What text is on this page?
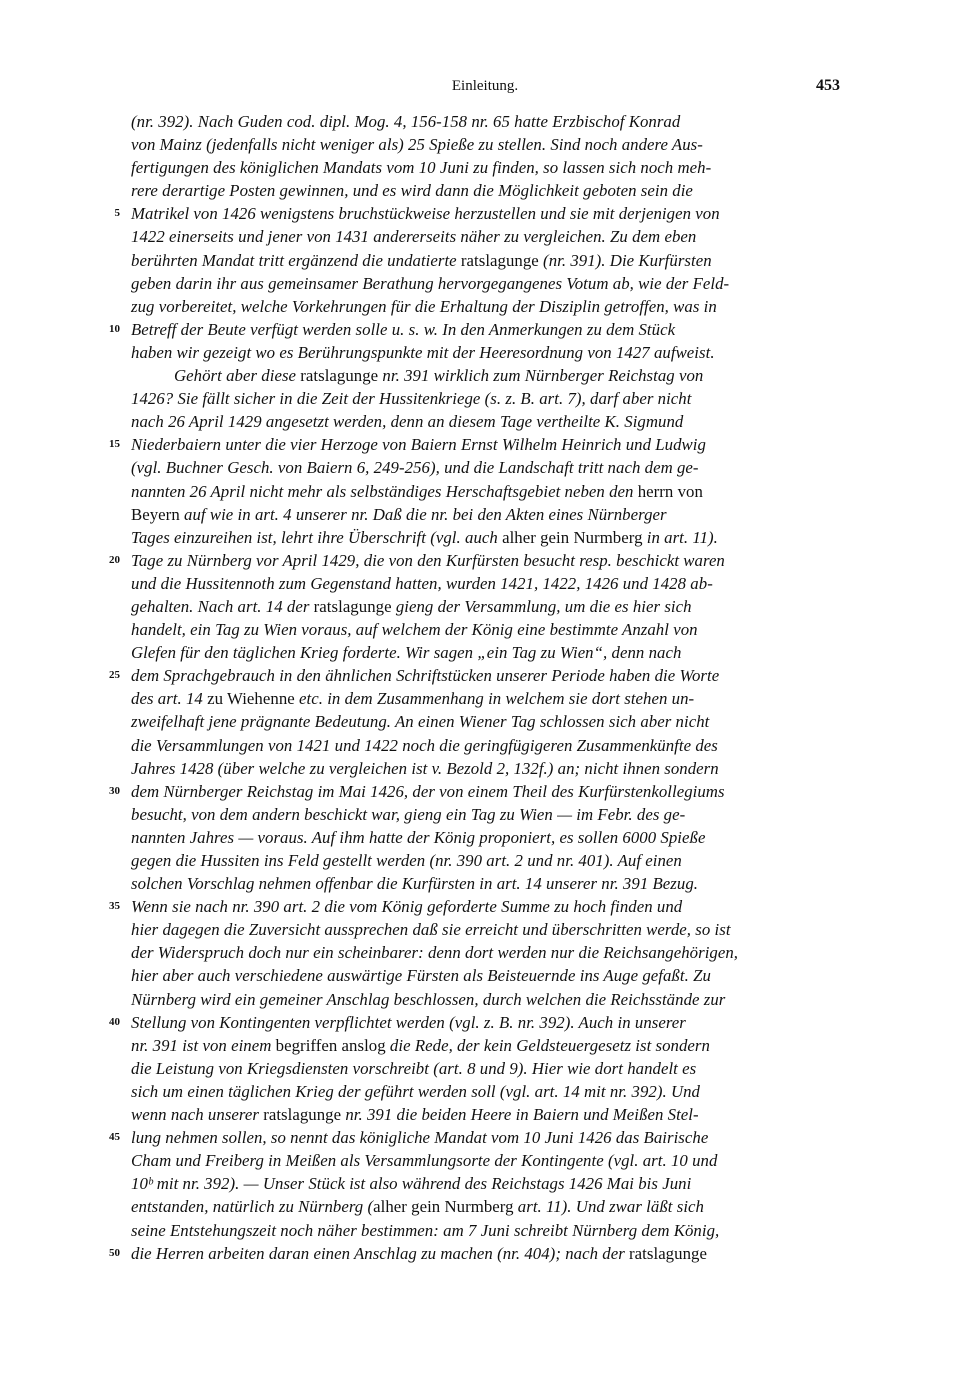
Einleitung.	453
(nr. 392). Nach Guden cod. dipl. Mog. 4, 156-158 nr. 65 hatte Erzbischof Konrad
von Mainz (jedenfalls nicht weniger als) 25 Spieße zu stellen. Sind noch andere Aus-
fertigungen des königlichen Mandats vom 10 Juni zu finden, so lassen sich noch meh-
rere derartige Posten gewinnen, und es wird dann die Möglichkeit geboten sein die
5 Matrikel von 1426 wenigstens bruchstückweise herzustellen und sie mit derjenigen von
1422 einerseits und jener von 1431 andererseits näher zu vergleichen. Zu dem eben
berührten Mandat tritt ergänzend die undatierte ratslagunge (nr. 391). Die Kurfürsten
geben darin ihr aus gemeinsamer Berathung hervorgegangenes Votum ab, wie der Feld-
zug vorbereitet, welche Vorkehrungen für die Erhaltung der Disziplin getroffen, was in
10 Betreff der Beute verfügt werden solle u. s. w. In den Anmerkungen zu dem Stück
haben wir gezeigt wo es Berührungspunkte mit der Heeresordnung von 1427 aufweist.
Gehört aber diese ratslagunge nr. 391 wirklich zum Nürnberger Reichstag von
1426? Sie fällt sicher in die Zeit der Hussitenkriege (s. z. B. art. 7), darf aber nicht
nach 26 April 1429 angesetzt werden, denn an diesem Tage vertheilte K. Sigmund
15 Niederbaiern unter die vier Herzoge von Baiern Ernst Wilhelm Heinrich und Ludwig
(vgl. Buchner Gesch. von Baiern 6, 249-256), und die Landschaft tritt nach dem ge-
nannten 26 April nicht mehr als selbständiges Herschaftsgebiet neben den herrn von
Beyern auf wie in art. 4 unserer nr. Daß die nr. bei den Akten eines Nürnberger
Tages einzureihen ist, lehrt ihre Überschrift (vgl. auch alher gein Nurmberg in art. 11).
20 Tage zu Nürnberg vor April 1429, die von den Kurfürsten besucht resp. beschickt waren
und die Hussitennoth zum Gegenstand hatten, wurden 1421, 1422, 1426 und 1428 ab-
gehalten. Nach art. 14 der ratslagunge gieng der Versammlung, um die es hier sich
handelt, ein Tag zu Wien voraus, auf welchem der König eine bestimmte Anzahl von
Glefen für den täglichen Krieg forderte. Wir sagen „ein Tag zu Wien“, denn nach
25 dem Sprachgebrauch in den ähnlichen Schriftstücken unserer Periode haben die Worte
des art. 14 zu Wiehenne etc. in dem Zusammenhang in welchem sie dort stehen un-
zweifelhaft jene prägnante Bedeutung. An einen Wiener Tag schlossen sich aber nicht
die Versammlungen von 1421 und 1422 noch die geringfügigeren Zusammenkünfte des
Jahres 1428 (über welche zu vergleichen ist v. Bezold 2, 132f.) an; nicht ihnen sondern
30 dem Nürnberger Reichstag im Mai 1426, der von einem Theil des Kurfürstenkollegiums
besucht, von dem andern beschickt war, gieng ein Tag zu Wien — im Febr. des ge-
nannten Jahres — voraus. Auf ihm hatte der König proponiert, es sollen 6000 Spieße
gegen die Hussiten ins Feld gestellt werden (nr. 390 art. 2 und nr. 401). Auf einen
solchen Vorschlag nehmen offenbar die Kurfürsten in art. 14 unserer nr. 391 Bezug.
35 Wenn sie nach nr. 390 art. 2 die vom König geforderte Summe zu hoch finden und
hier dagegen die Zuversicht aussprechen daß sie erreicht und überschritten werde, so ist
der Widerspruch doch nur ein scheinbarer: denn dort werden nur die Reichsangehörigen,
hier aber auch verschiedene auswärtige Fürsten als Beisteuernde ins Auge gefaßt. Zu
Nürnberg wird ein gemeiner Anschlag beschlossen, durch welchen die Reichsstände zur
40 Stellung von Kontingenten verpflichtet werden (vgl. z. B. nr. 392). Auch in unserer
nr. 391 ist von einem begriffen anslog die Rede, der kein Geldsteuergesetz ist sondern
die Leistung von Kriegsdiensten vorschreibt (art. 8 und 9). Hier wie dort handelt es
sich um einen täglichen Krieg der geführt werden soll (vgl. art. 14 mit nr. 392). Und
wenn nach unserer ratslagunge nr. 391 die beiden Heere in Baiern und Meißen Stel-
45 lung nehmen sollen, so nennt das königliche Mandat vom 10 Juni 1426 das Bairische
Cham und Freiberg in Meißen als Versammlungsorte der Kontingente (vgl. art. 10 und
10ᵇ mit nr. 392). — Unser Stück ist also während des Reichstags 1426 Mai bis Juni
entstanden, natürlich zu Nürnberg (alher gein Nurmberg art. 11). Und zwar läßt sich
seine Entstehungszeit noch näher bestimmen: am 7 Juni schreibt Nürnberg dem König,
50 die Herren arbeiten daran einen Anschlag zu machen (nr. 404); nach der ratslagunge
